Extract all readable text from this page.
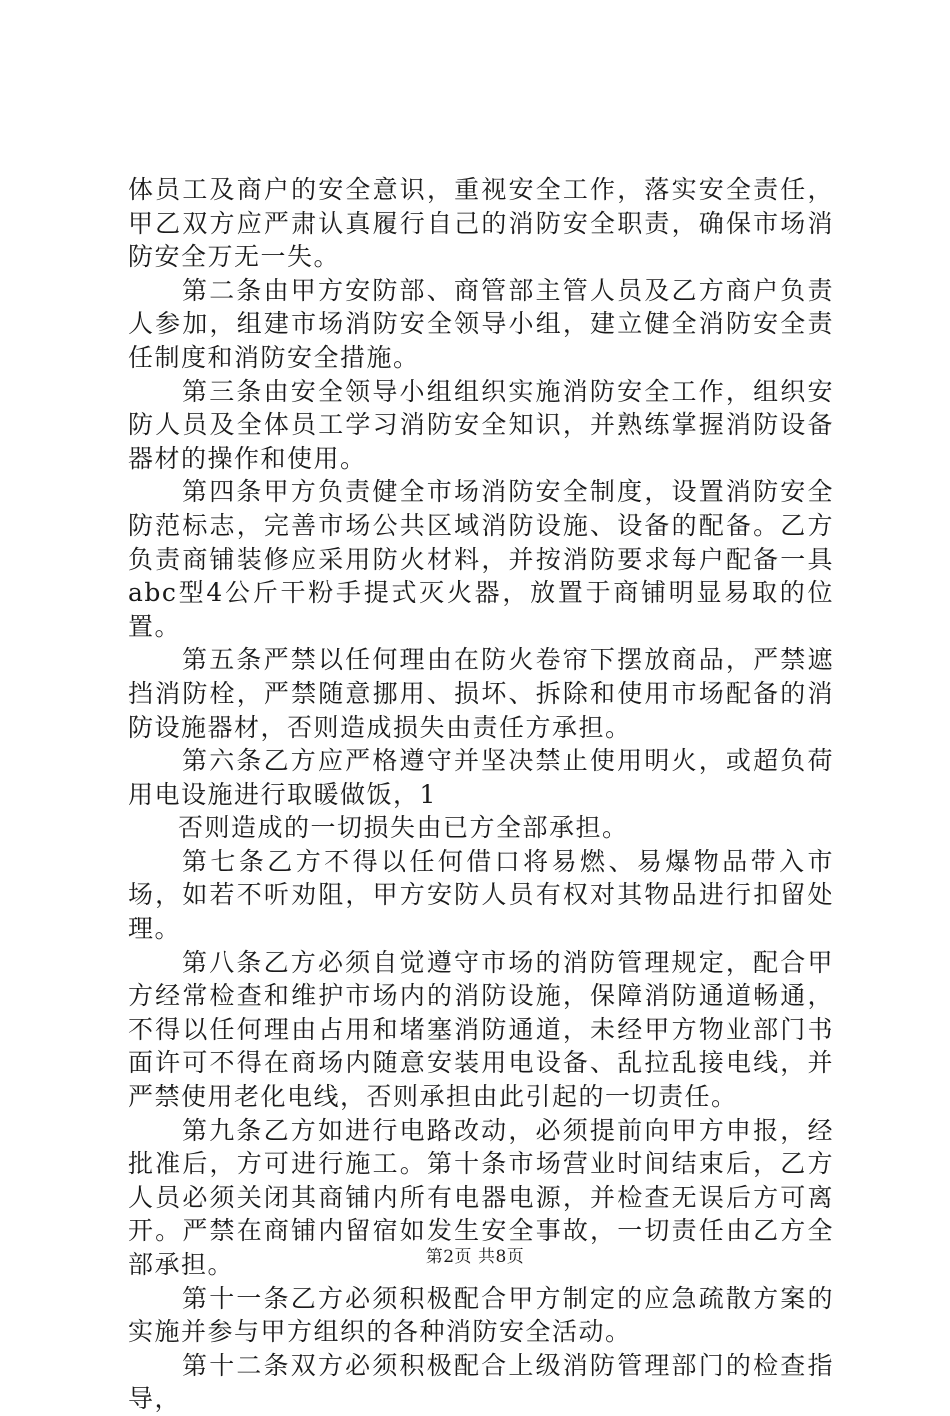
体员工及商户的安全意识，重视安全工作，落实安全责任，甲乙双方应严肃认真履行自己的消防安全职责，确保市场消防安全万无一失。

第二条由甲方安防部、商管部主管人员及乙方商户负责人参加，组建市场消防安全领导小组，建立健全消防安全责任制度和消防安全措施。

第三条由安全领导小组组织实施消防安全工作，组织安防人员及全体员工学习消防安全知识，并熟练掌握消防设备器材的操作和使用。

第四条甲方负责健全市场消防安全制度，设置消防安全防范标志，完善市场公共区域消防设施、设备的配备。乙方负责商铺装修应采用防火材料，并按消防要求每户配备一具abc型4公斤干粉手提式灭火器，放置于商铺明显易取的位置。

第五条严禁以任何理由在防火卷帘下摆放商品，严禁遮挡消防栓，严禁随意挪用、损坏、拆除和使用市场配备的消防设施器材，否则造成损失由责任方承担。

第六条乙方应严格遵守并坚决禁止使用明火，或超负荷用电设施进行取暖做饭，1

否则造成的一切损失由已方全部承担。

第七条乙方不得以任何借口将易燃、易爆物品带入市场，如若不听劝阻，甲方安防人员有权对其物品进行扣留处理。

第八条乙方必须自觉遵守市场的消防管理规定，配合甲方经常检查和维护市场内的消防设施，保障消防通道畅通，不得以任何理由占用和堵塞消防通道，未经甲方物业部门书面许可不得在商场内随意安装用电设备、乱拉乱接电线，并严禁使用老化电线，否则承担由此引起的一切责任。

第九条乙方如进行电路改动，必须提前向甲方申报，经批准后，方可进行施工。第十条市场营业时间结束后，乙方人员必须关闭其商铺内所有电器电源，并检查无误后方可离开。严禁在商铺内留宿如发生安全事故，一切责任由乙方全部承担。

第十一条乙方必须积极配合甲方制定的应急疏散方案的实施并参与甲方组织的各种消防安全活动。

第十二条双方必须积极配合上级消防管理部门的检查指导，

第2页 共8页
